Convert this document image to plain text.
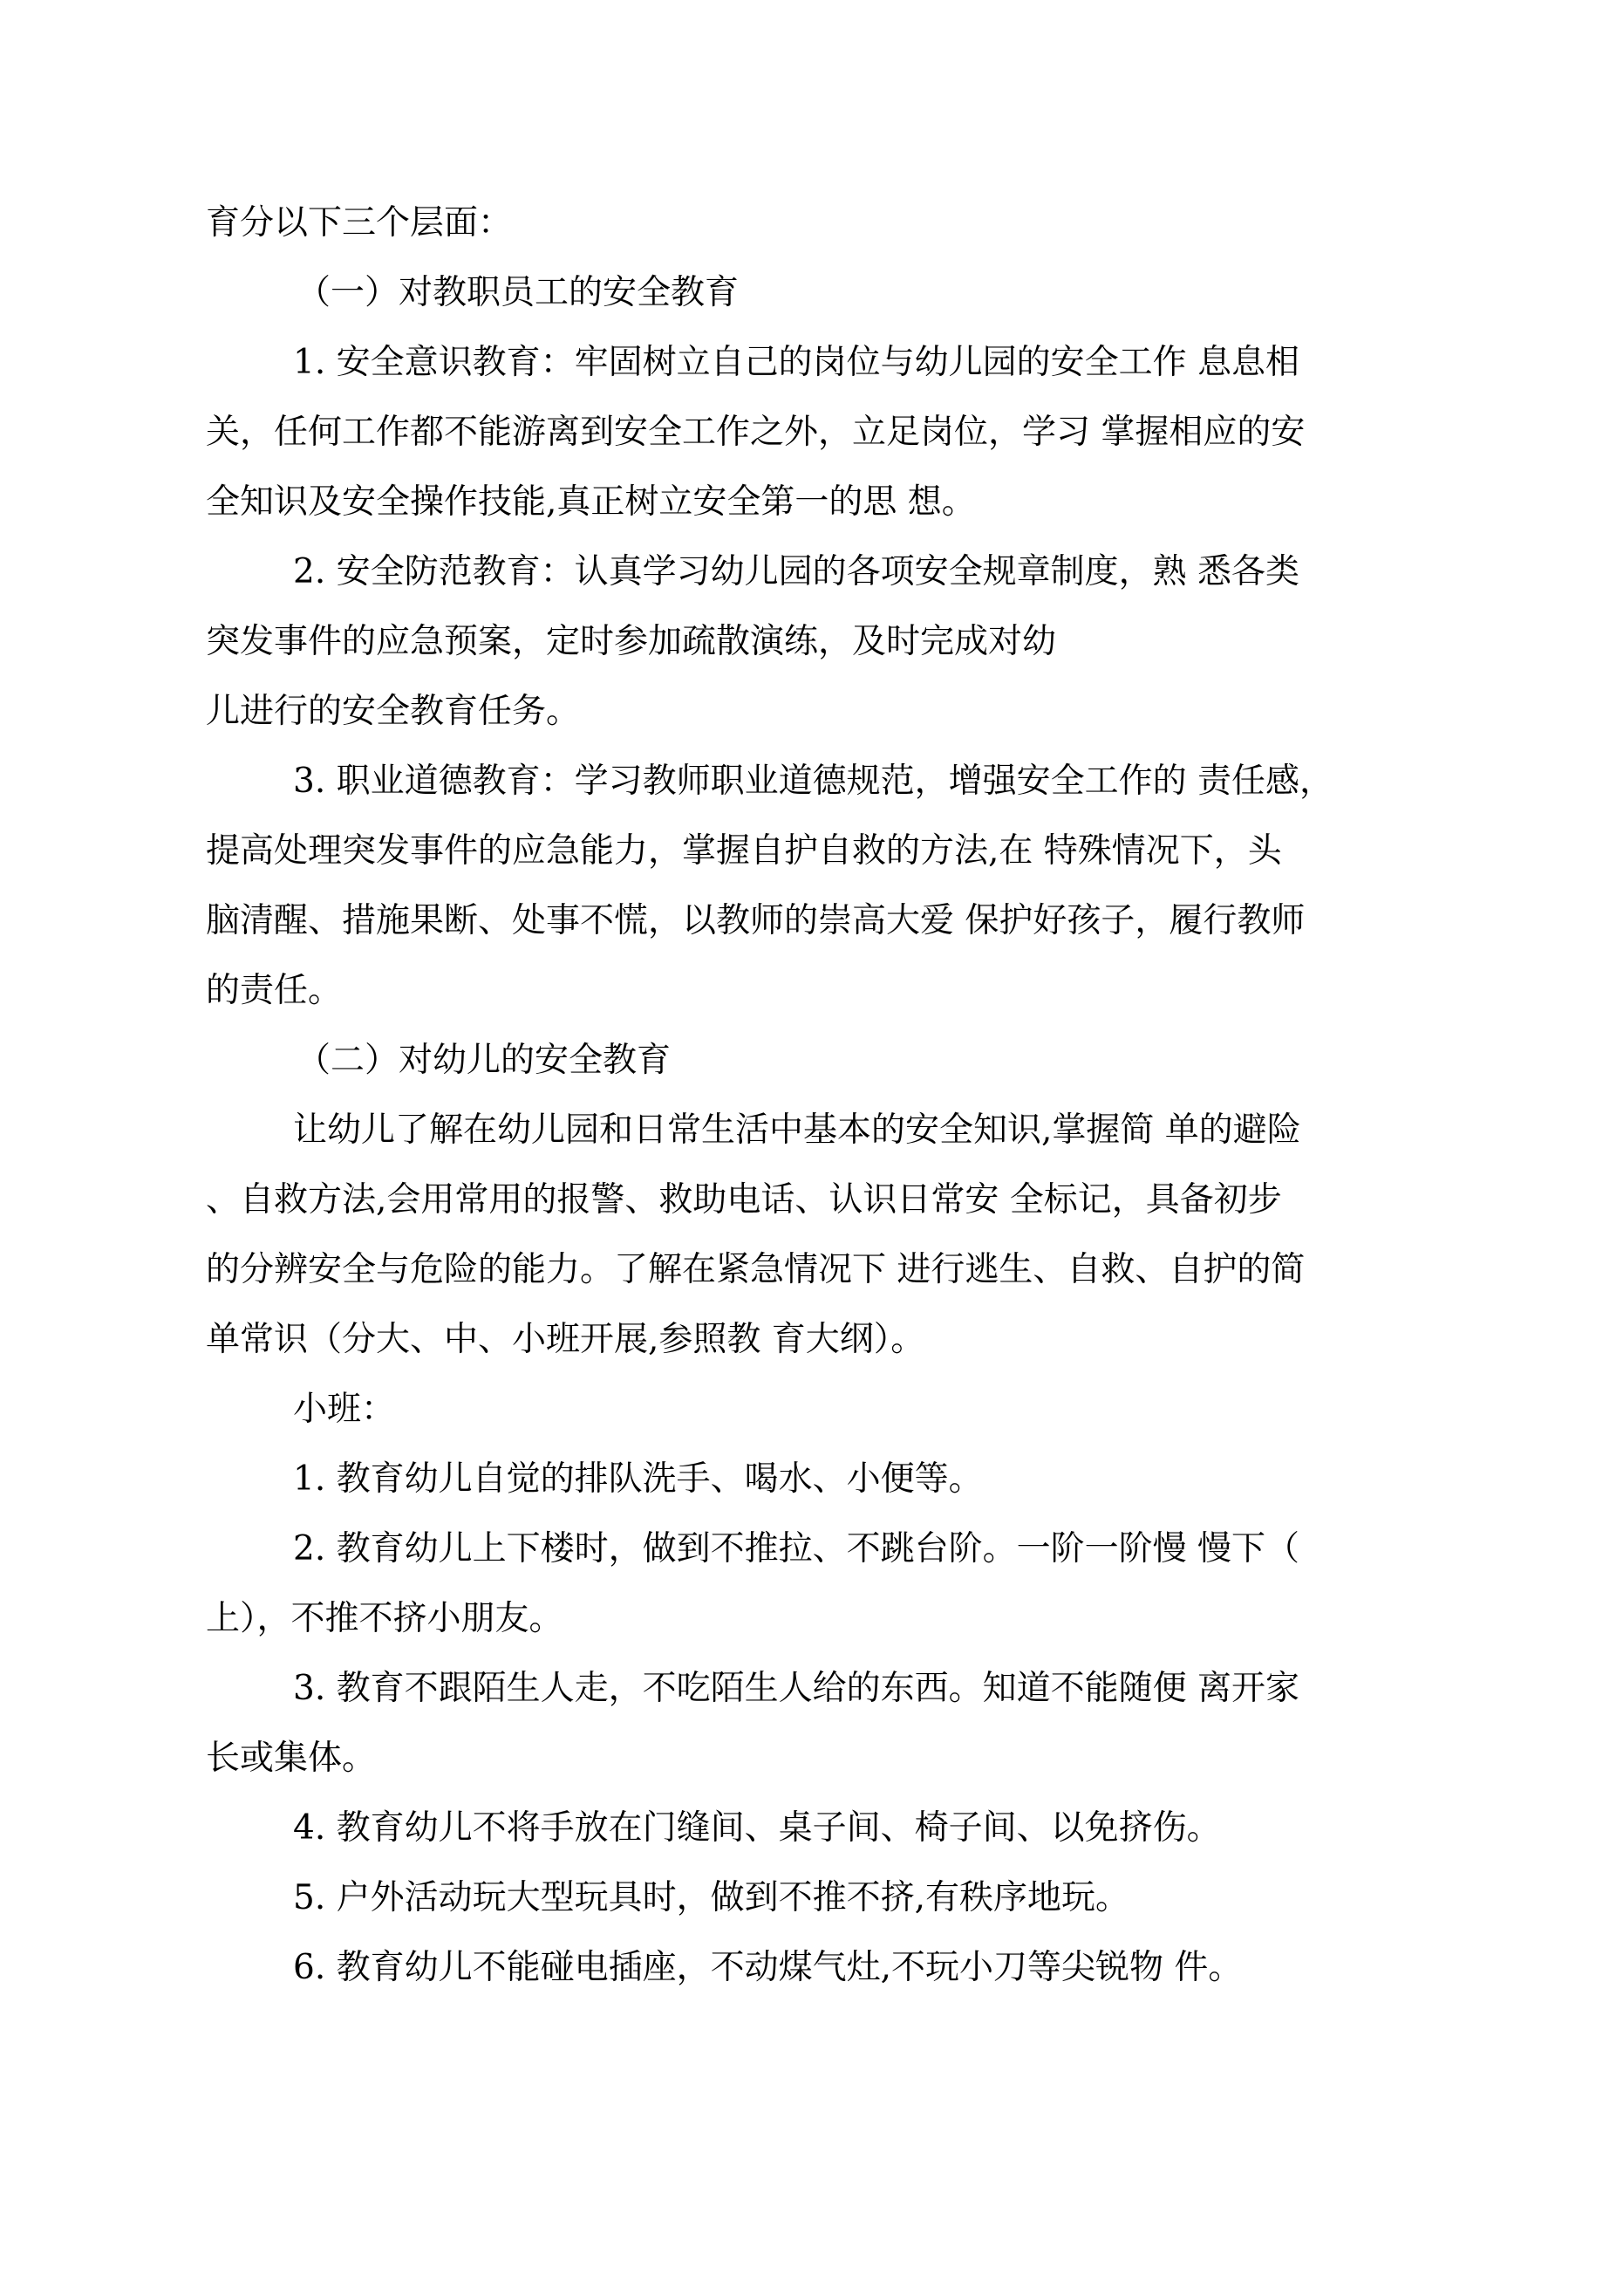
育分以下三个层面：

（一）对教职员工的安全教育

1. 安全意识教育：牢固树立自己的岗位与幼儿园的安全工作 息息相

关，任何工作都不能游离到安全工作之外，立足岗位，学习 掌握相应的安

全知识及安全操作技能,真正树立安全第一的思 想。

2. 安全防范教育：认真学习幼儿园的各项安全规章制度，熟 悉各类

突发事件的应急预案，定时参加疏散演练，及时完成对幼

儿进行的安全教育任务。

3. 职业道德教育：学习教师职业道德规范，增强安全工作的 责任感，

提高处理突发事件的应急能力，掌握自护自救的方法,在 特殊情况下，头

脑清醒、措施果断、处事不慌，以教师的崇高大爱 保护好孩子，履行教师

的责任。

（二）对幼儿的安全教育

让幼儿了解在幼儿园和日常生活中基本的安全知识,掌握简 单的避险

、自救方法,会用常用的报警、救助电话、认识日常安 全标记，具备初步

的分辨安全与危险的能力。了解在紧急情况下 进行逃生、自救、自护的简

单常识（分大、中、小班开展,参照教 育大纲）。

小班：

1. 教育幼儿自觉的排队洗手、喝水、小便等。

2. 教育幼儿上下楼时，做到不推拉、不跳台阶。一阶一阶慢 慢下（

上），不推不挤小朋友。

3. 教育不跟陌生人走，不吃陌生人给的东西。知道不能随便 离开家

长或集体。

4. 教育幼儿不将手放在门缝间、桌子间、椅子间、以免挤伤。

5. 户外活动玩大型玩具时，做到不推不挤,有秩序地玩。

6. 教育幼儿不能碰电插座，不动煤气灶,不玩小刀等尖锐物 件。
